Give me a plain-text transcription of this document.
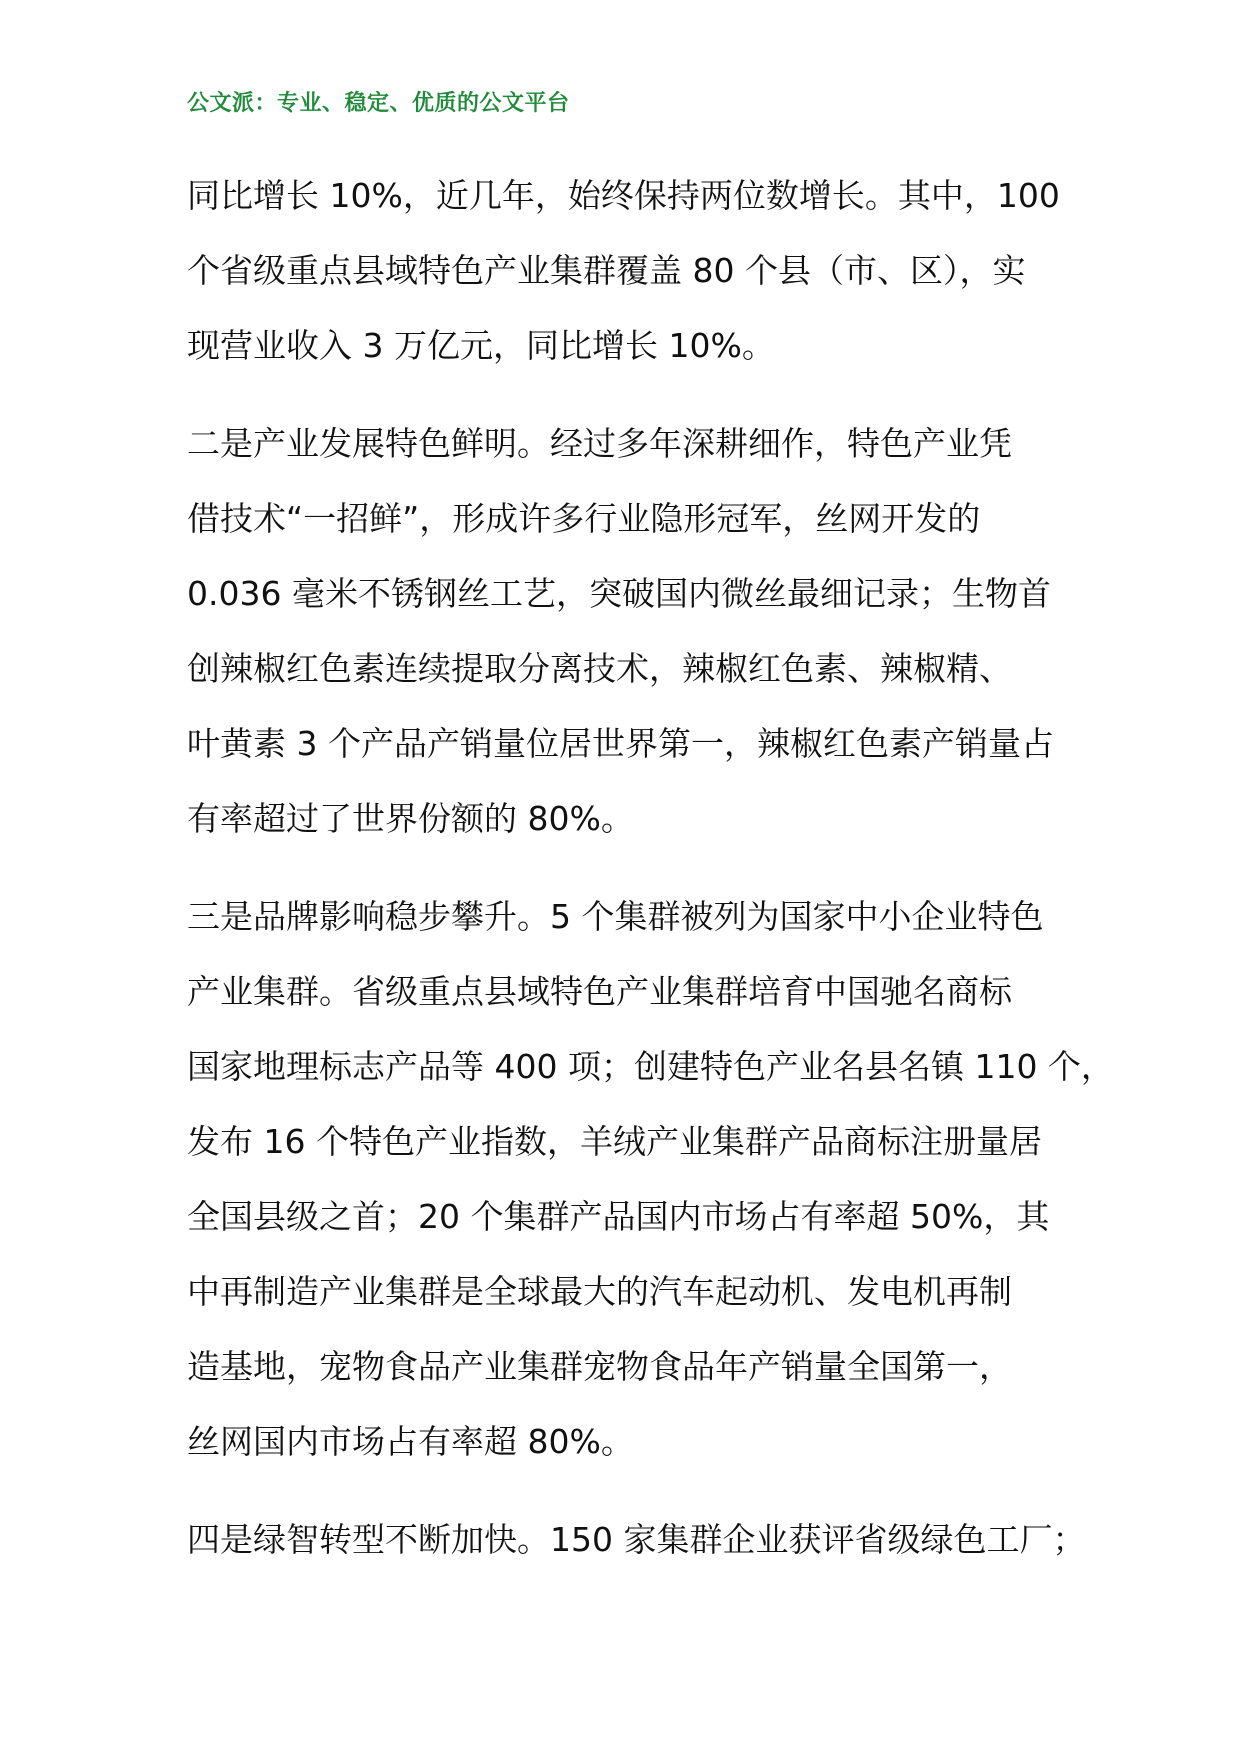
公文派：专业、稳定、优质的公文平台
同比增长 10%，近几年，始终保持两位数增长。其中，100
个省级重点县域特色产业集群覆盖 80 个县（市、区），实
现营业收入 3 万亿元，同比增长 10%。
二是产业发展特色鲜明。经过多年深耕细作，特色产业凭
借技术“一招鲜”，形成许多行业隐形冠军，丝网开发的
0.036 毫米不锈钢丝工艺，突破国内微丝最细记录；生物首
创辣椒红色素连续提取分离技术，辣椒红色素、辣椒精、
叶黄素 3 个产品产销量位居世界第一，辣椒红色素产销量占
有率超过了世界份额的 80%。
三是品牌影响稳步攀升。5 个集群被列为国家中小企业特色
产业集群。省级重点县域特色产业集群培育中国驰名商标
国家地理标志产品等 400 项；创建特色产业名县名镇 110 个，
发布 16 个特色产业指数，羊绒产业集群产品商标注册量居
全国县级之首；20 个集群产品国内市场占有率超 50%，其
中再制造产业集群是全球最大的汽车起动机、发电机再制
造基地，宠物食品产业集群宠物食品年产销量全国第一，
丝网国内市场占有率超 80%。
四是绿智转型不断加快。150 家集群企业获评省级绿色工厂；
